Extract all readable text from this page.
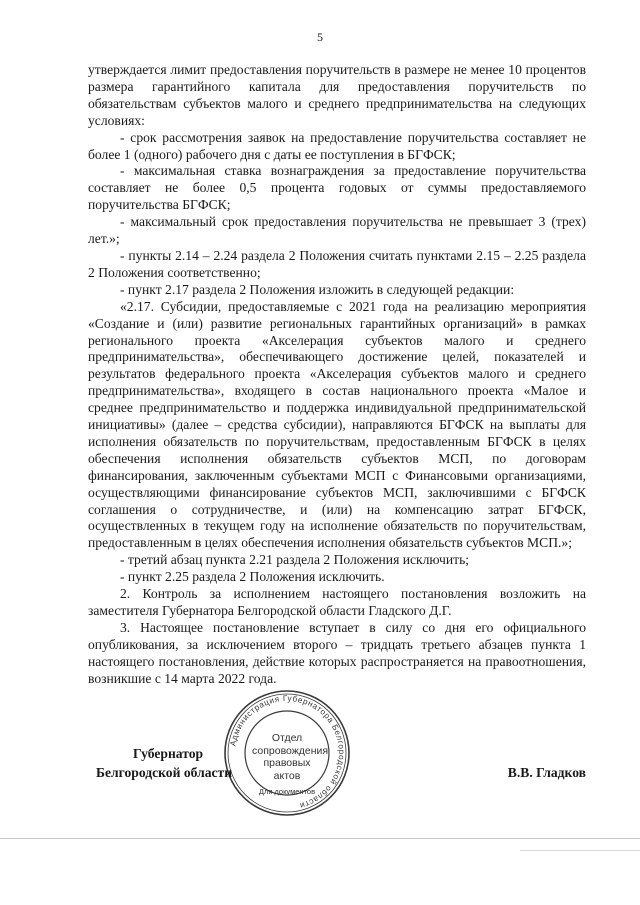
5

утверждается лимит предоставления поручительств в размере не менее 10 процентов размера гарантийного капитала для предоставления поручительств по обязательствам субъектов малого и среднего предпринимательства на следующих условиях:

- срок рассмотрения заявок на предоставление поручительства составляет не более 1 (одного) рабочего дня с даты ее поступления в БГФСК;

- максимальная ставка вознаграждения за предоставление поручительства составляет не более 0,5 процента годовых от суммы предоставляемого поручительства БГФСК;

- максимальный срок предоставления поручительства не превышает 3 (трех) лет.»;

- пункты 2.14 – 2.24 раздела 2 Положения считать пунктами 2.15 – 2.25 раздела 2 Положения соответственно;

- пункт 2.17 раздела 2 Положения изложить в следующей редакции:

«2.17. Субсидии, предоставляемые с 2021 года на реализацию мероприятия «Создание и (или) развитие региональных гарантийных организаций» в рамках регионального проекта «Акселерация субъектов малого и среднего предпринимательства», обеспечивающего достижение целей, показателей и результатов федерального проекта «Акселерация субъектов малого и среднего предпринимательства», входящего в состав национального проекта «Малое и среднее предпринимательство и поддержка индивидуальной предпринимательской инициативы» (далее – средства субсидии), направляются БГФСК на выплаты для исполнения обязательств по поручительствам, предоставленным БГФСК в целях обеспечения исполнения обязательств субъектов МСП, по договорам финансирования, заключенным субъектами МСП с Финансовыми организациями, осуществляющими финансирование субъектов МСП, заключившими с БГФСК соглашения о сотрудничестве, и (или) на компенсацию затрат БГФСК, осуществленных в текущем году на исполнение обязательств по поручительствам, предоставленным в целях обеспечения исполнения обязательств субъектов МСП.»;

- третий абзац пункта 2.21 раздела 2 Положения исключить;

- пункт 2.25 раздела 2 Положения исключить.

2. Контроль за исполнением настоящего постановления возложить на заместителя Губернатора Белгородской области Гладского Д.Г.

3. Настоящее постановление вступает в силу со дня его официального опубликования, за исключением второго – тридцать третьего абзацев пункта 1 настоящего постановления, действие которых распространяется на правоотношения, возникшие с 14 марта 2022 года.

Администрация Губернатора Белгородской области
Отдел
сопровождения
правовых
актов
Для документов
Губернатор
Белгородской области	В.В. Гладков
